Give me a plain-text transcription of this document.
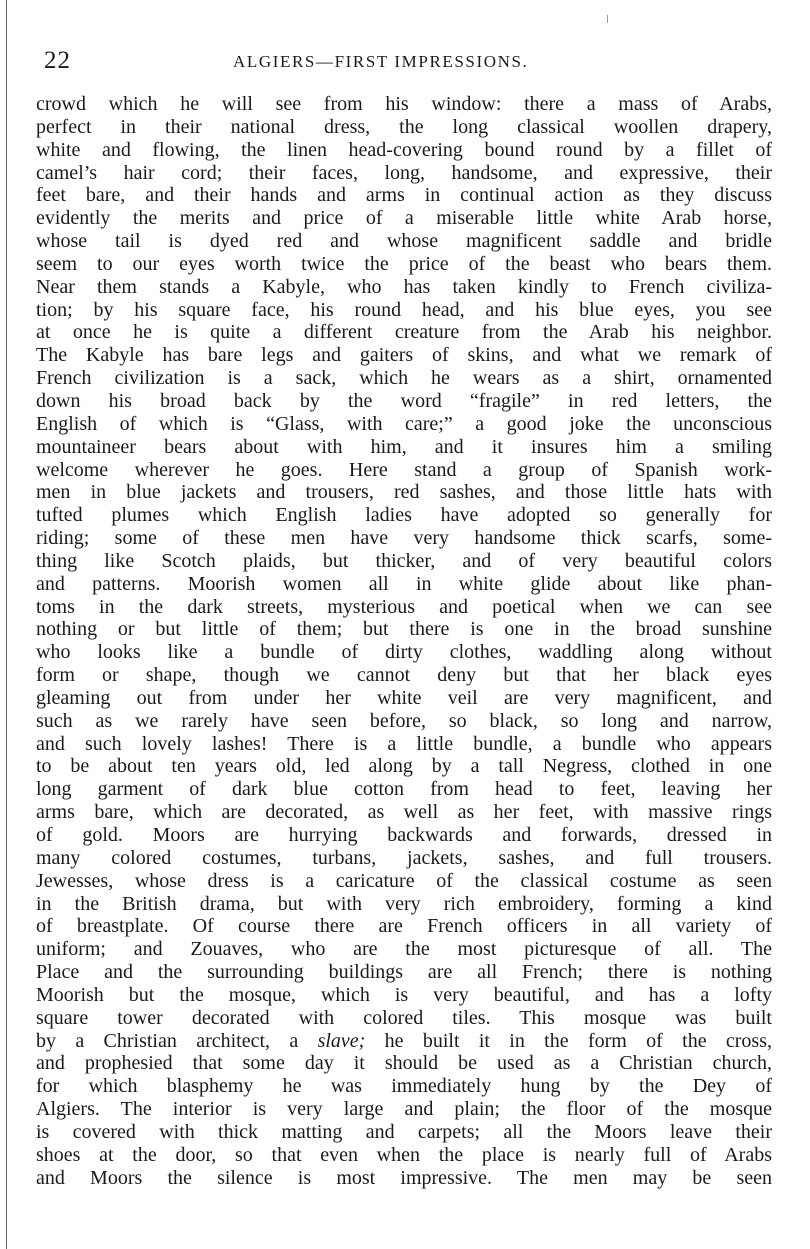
22	ALGIERS—FIRST IMPRESSIONS.
crowd which he will see from his window: there a mass of Arabs,
perfect in their national dress, the long classical woollen drapery,
white and flowing, the linen head-covering bound round by a fillet of
camel’s hair cord; their faces, long, handsome, and expressive, their
feet bare, and their hands and arms in continual action as they discuss
evidently the merits and price of a miserable little white Arab horse,
whose tail is dyed red and whose magnificent saddle and bridle
seem to our eyes worth twice the price of the beast who bears them.
Near them stands a Kabyle, who has taken kindly to French civiliza-
tion; by his square face, his round head, and his blue eyes, you see
at once he is quite a different creature from the Arab his neighbor.
The Kabyle has bare legs and gaiters of skins, and what we remark of
French civilization is a sack, which he wears as a shirt, ornamented
down his broad back by the word “fragile” in red letters, the
English of which is “Glass, with care;” a good joke the unconscious
mountaineer bears about with him, and it insures him a smiling
welcome wherever he goes. Here stand a group of Spanish work-
men in blue jackets and trousers, red sashes, and those little hats with
tufted plumes which English ladies have adopted so generally for
riding; some of these men have very handsome thick scarfs, some-
thing like Scotch plaids, but thicker, and of very beautiful colors
and patterns. Moorish women all in white glide about like phan-
toms in the dark streets, mysterious and poetical when we can see
nothing or but little of them; but there is one in the broad sunshine
who looks like a bundle of dirty clothes, waddling along without
form or shape, though we cannot deny but that her black eyes
gleaming out from under her white veil are very magnificent, and
such as we rarely have seen before, so black, so long and narrow,
and such lovely lashes! There is a little bundle, a bundle who appears
to be about ten years old, led along by a tall Negress, clothed in one
long garment of dark blue cotton from head to feet, leaving her
arms bare, which are decorated, as well as her feet, with massive rings
of gold. Moors are hurrying backwards and forwards, dressed in
many colored costumes, turbans, jackets, sashes, and full trousers.
Jewesses, whose dress is a caricature of the classical costume as seen
in the British drama, but with very rich embroidery, forming a kind
of breastplate. Of course there are French officers in all variety of
uniform; and Zouaves, who are the most picturesque of all. The
Place and the surrounding buildings are all French; there is nothing
Moorish but the mosque, which is very beautiful, and has a lofty
square tower decorated with colored tiles. This mosque was built
by a Christian architect, a slave; he built it in the form of the cross,
and prophesied that some day it should be used as a Christian church,
for which blasphemy he was immediately hung by the Dey of
Algiers. The interior is very large and plain; the floor of the mosque
is covered with thick matting and carpets; all the Moors leave their
shoes at the door, so that even when the place is nearly full of Arabs
and Moors the silence is most impressive. The men may be seen
